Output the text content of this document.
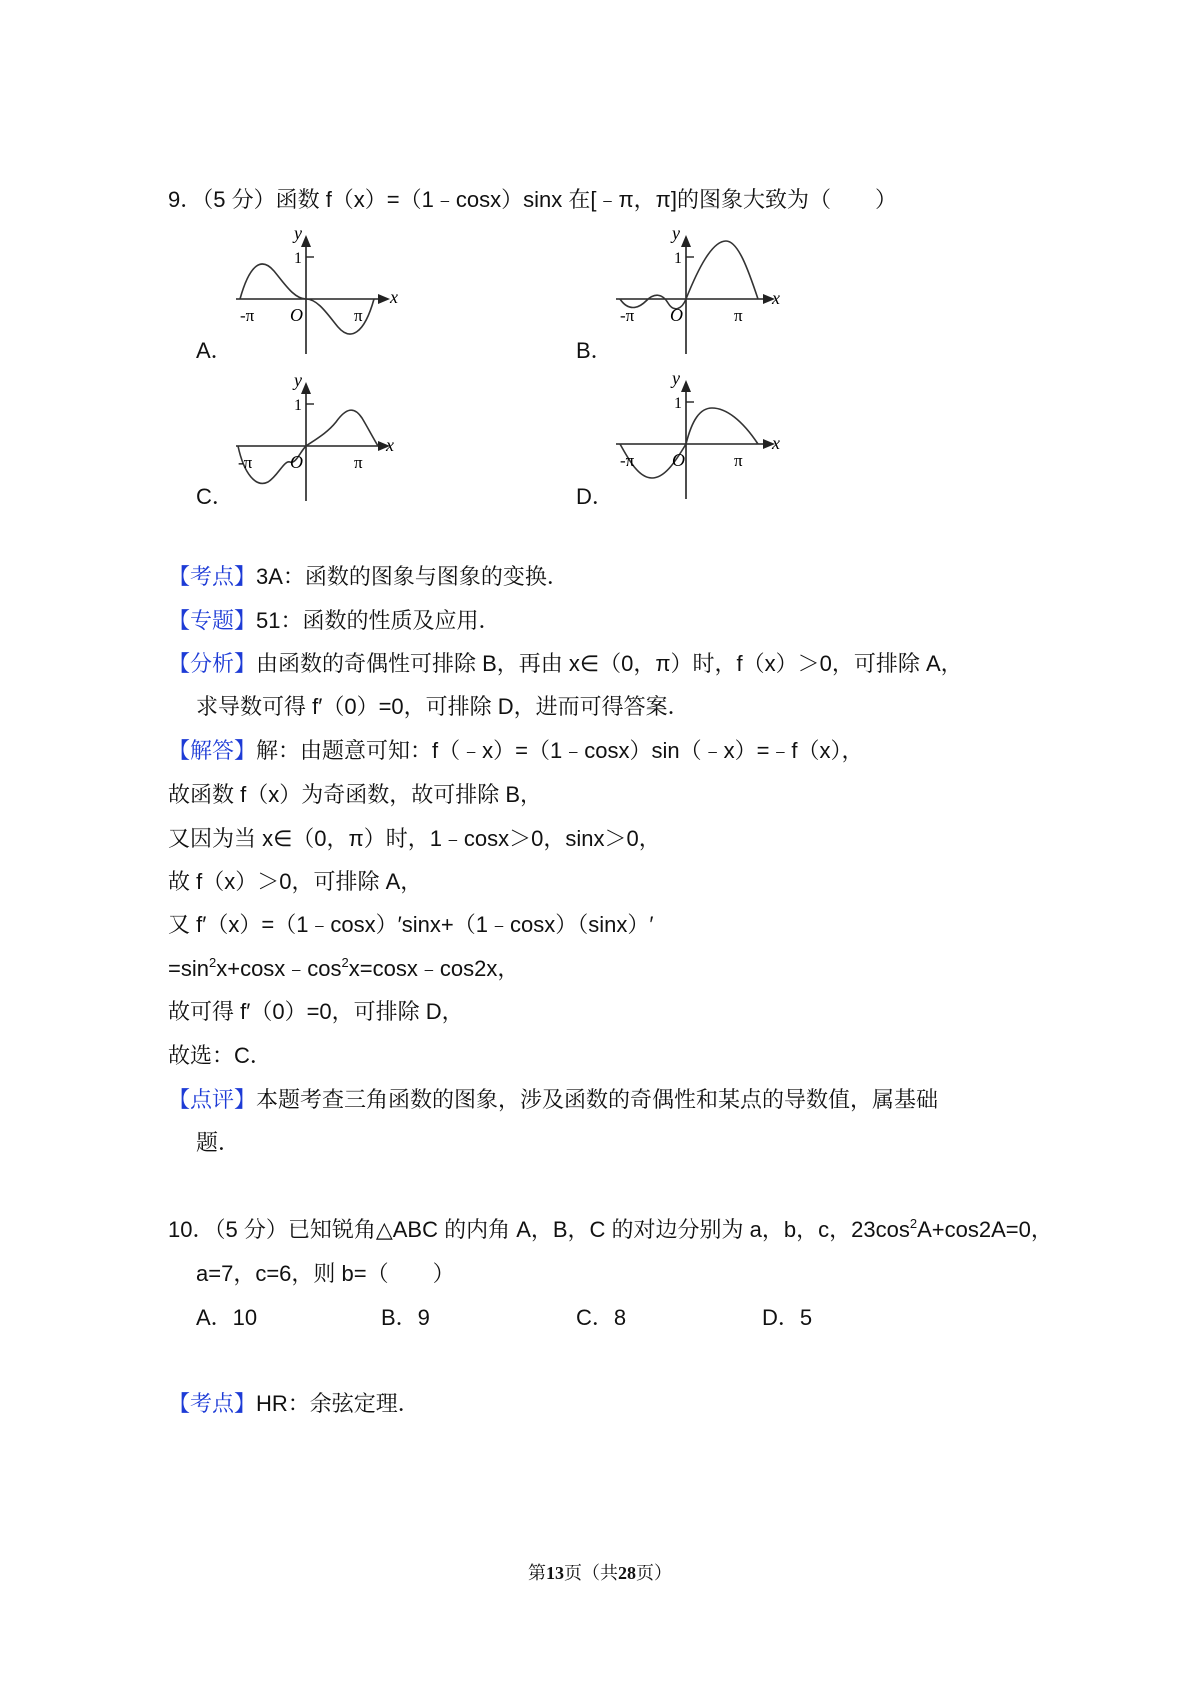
9．（5 分）函数 f（x）=（1﹣cosx）sinx 在[﹣π，π]的图象大致为（　　）
y
1
x
-π O	π
A．
y
1
x
-π O	π
B．
y
1
x
-π O	π
C．
y
1
x
-π O	π
D．
【考点】3A：函数的图象与图象的变换．
【专题】51：函数的性质及应用．
【分析】由函数的奇偶性可排除 B，再由 x∈（0，π）时，f（x）＞0，可排除 A，
求导数可得 f′（0）=0，可排除 D，进而可得答案．
【解答】解：由题意可知：f（﹣x）=（1﹣cosx）sin（﹣x）=﹣f（x），
故函数 f（x）为奇函数，故可排除 B，
又因为当 x∈（0，π）时，1﹣cosx＞0，sinx＞0，
故 f（x）＞0，可排除 A，
又 f′（x）=（1﹣cosx）′sinx+（1﹣cosx）（sinx）′
$=\sin^2x+\cos x﹣\cos^2x=\cos x﹣\cos 2x$，
故可得 f′（0）=0，可排除 D，
故选：C．
【点评】本题考查三角函数的图象，涉及函数的奇偶性和某点的导数值，属基础
题．
10．（5 分）已知锐角△ABC 的内角 A，B，C 的对边分别为 a，b，c，$23\cos^2A+\cos 2A=0$，
a=7，c=6，则 b=（　　）
A．10	B．9	C．8	D．5
【考点】HR：余弦定理．
第13页（共28页）
